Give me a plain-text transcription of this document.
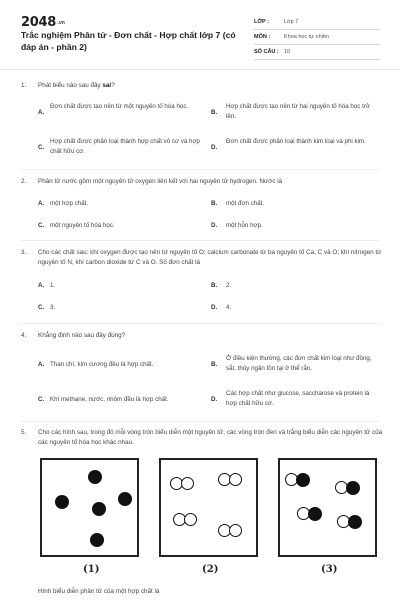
2048.vn
Trắc nghiệm Phân tử - Đơn chất - Hợp chất lớp 7 (có đáp án - phần 2)
LỚP :	Lớp 7
MÔN :	Khoa học tự nhiên
SỐ CÂU : 10
1. Phát biểu nào sau đây sai?
A.
Đơn chất được tạo nên từ một nguyên tố hóa học.
B.
Hợp chất được tạo nên từ hai nguyên tố hóa học trở lên.
C.
Hợp chất được phân loại thành hợp chất vô cơ và hợp chất hữu cơ.
D.
Đơn chất được phân loại thành kim loại và phi kim.
2. Phân tử nước gồm một nguyên tử oxygen liên kết với hai nguyên tử hydrogen. Nước là
A. một hợp chất.	B. một đơn chất.
C. một nguyên tố hóa học.	D. một hỗn hợp.
3. Cho các chất sau: khí oxygen được tạo nên từ nguyên tố O; calcium carbonate từ ba nguyên tố Ca, C và O; khí nitrogen từ nguyên tố N; khí carbon dioxide từ C và O. Số đơn chất là
A. 1.	B. 2.
C. 3.	D. 4.
4. Khẳng định nào sau đây đúng?
A. Than chì, kim cương đều là hợp chất.	B.
Ở điều kiện thường, các đơn chất kim loại như đồng, sắt, thủy ngân tồn tại ở thể rắn.
C. Khí methane, nước, nhôm đều là hợp chất.	D.
Các hợp chất như glucose, saccharose và protein là hợp chất hữu cơ.
5. Cho các hình sau, trong đó mỗi vòng tròn biểu diễn một nguyên tử; các vòng tròn đen và trắng biểu diễn các nguyên tử của các nguyên tố hóa học khác nhau.
(1)	(2)	(3)
Hình biểu diễn phân tử của một hợp chất là
